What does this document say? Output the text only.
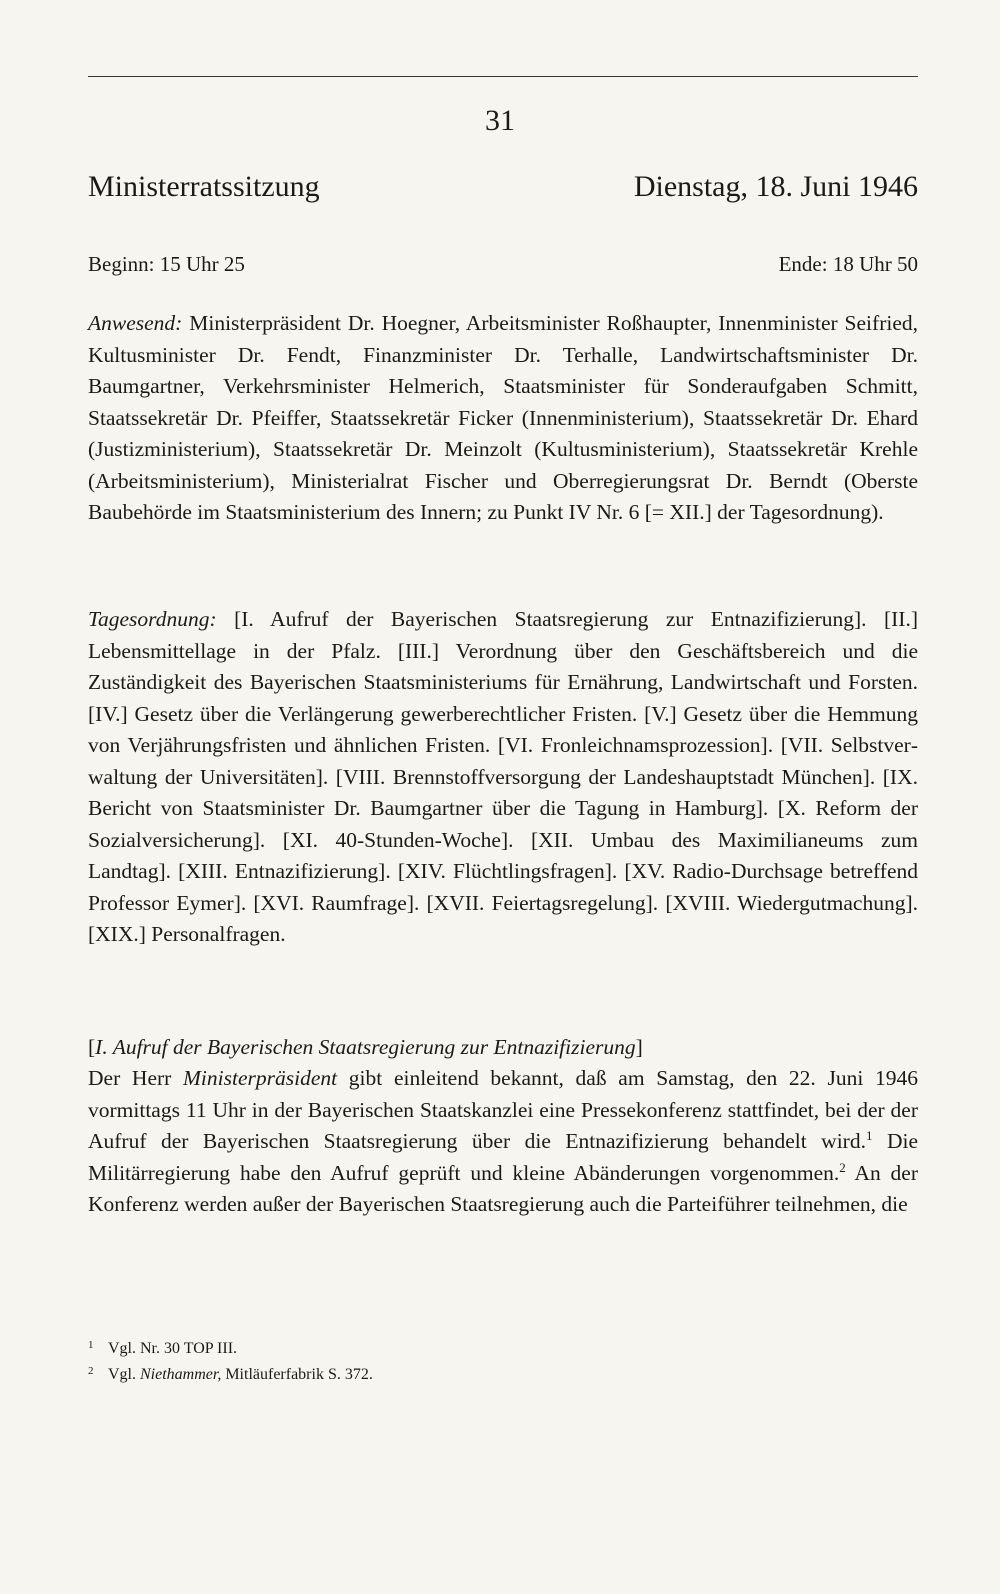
31
Ministerratssitzung	Dienstag, 18. Juni 1946
Beginn: 15 Uhr 25	Ende: 18 Uhr 50

Anwesend: Ministerpräsident Dr. Hoegner, Arbeitsminister Roßhaupter, Innenminister Seifried, Kultusminister Dr. Fendt, Finanzminister Dr. Terhalle, Landwirtschaftsminister Dr. Baumgartner, Verkehrsminister Helmerich, Staatsminister für Sonderaufgaben Schmitt, Staatssekretär Dr. Pfeiffer, Staatssekretär Ficker (Innenministerium), Staatssekretär Dr. Ehard (Justizministerium), Staatssekretär Dr. Meinzolt (Kultusministerium), Staatssekretär Krehle (Arbeitsministerium), Ministerialrat Fischer und Oberregierungsrat Dr. Berndt (Oberste Baubehörde im Staatsministerium des Innern; zu Punkt IV Nr. 6 [= XII.] der Tagesordnung).

Tagesordnung: [I. Aufruf der Bayerischen Staatsregierung zur Entnazifizierung]. [II.] Lebensmittellage in der Pfalz. [III.] Verordnung über den Geschäftsbereich und die Zuständigkeit des Bayerischen Staatsministeriums für Ernährung, Landwirtschaft und Forsten. [IV.] Gesetz über die Verlängerung gewerberechtlicher Fristen. [V.] Gesetz über die Hemmung von Verjährungsfristen und ähnlichen Fristen. [VI. Fronleichnamsprozession]. [VII. Selbstverwaltung der Universitäten]. [VIII. Brennstoffversorgung der Landeshauptstadt München]. [IX. Bericht von Staatsminister Dr. Baumgartner über die Tagung in Hamburg]. [X. Reform der Sozialversicherung]. [XI. 40-Stunden-Woche]. [XII. Umbau des Maximilianeums zum Landtag]. [XIII. Entnazifizierung]. [XIV. Flüchtlingsfragen]. [XV. Radio-Durchsage betreffend Professor Eymer]. [XVI. Raumfrage]. [XVII. Feiertagsregelung]. [XVIII. Wiedergutmachung]. [XIX.] Personalfragen.

[I. Aufruf der Bayerischen Staatsregierung zur Entnazifizierung]

Der Herr Ministerpräsident gibt einleitend bekannt, daß am Samstag, den 22. Juni 1946 vormittags 11 Uhr in der Bayerischen Staatskanzlei eine Pressekonferenz stattfindet, bei der der Aufruf der Bayerischen Staatsregierung über die Entnazifizierung behandelt wird.$^1$ Die Militärregierung habe den Aufruf geprüft und kleine Abänderungen vorgenommen.$^2$ An der Konferenz werden außer der Bayerischen Staatsregierung auch die Parteiführer teilnehmen, die

1 Vgl. Nr. 30 TOP III.
2 Vgl. Niethammer, Mitläuferfabrik S. 372.
